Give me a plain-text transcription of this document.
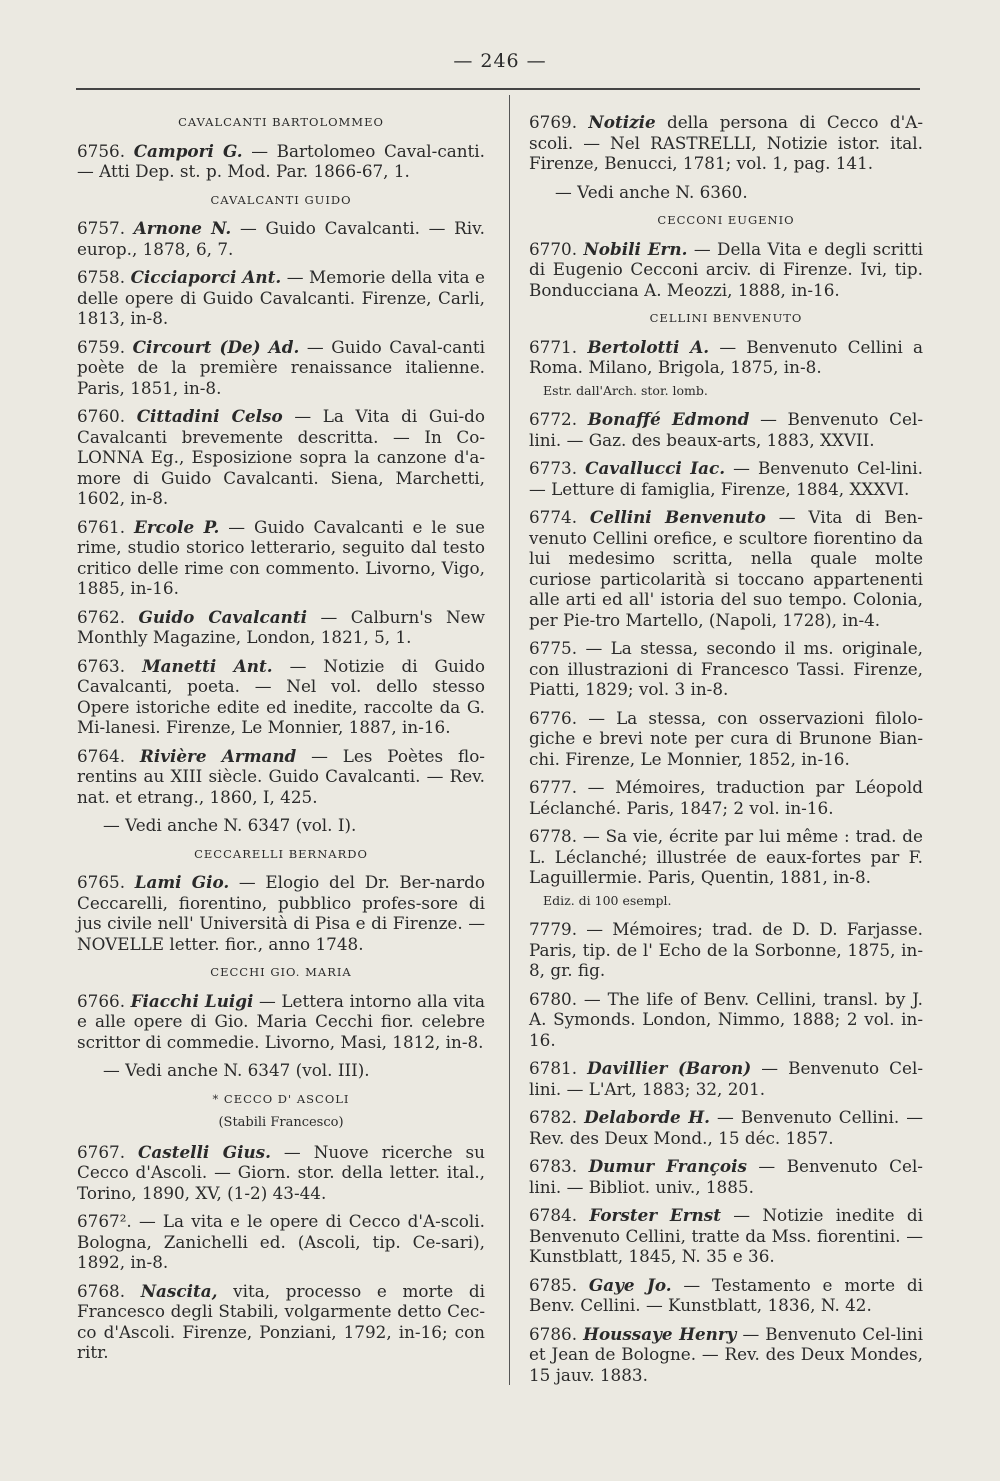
— 246 —
CAVALCANTI BARTOLOMMEO

6756. Campori G. — Bartolomeo Caval-canti. — Atti Dep. st. p. Mod. Par. 1866-67, 1.

CAVALCANTI GUIDO

6757. Arnone N. — Guido Cavalcanti. — Riv. europ., 1878, 6, 7.

6758. Cicciaporci Ant. — Memorie della vita e delle opere di Guido Cavalcanti. Firenze, Carli, 1813, in-8.

6759. Circourt (De) Ad. — Guido Caval-canti poète de la première renaissance italienne. Paris, 1851, in-8.

6760. Cittadini Celso — La Vita di Gui-do Cavalcanti brevemente descritta. — In Co-LONNA Eg., Esposizione sopra la canzone d'a-more di Guido Cavalcanti. Siena, Marchetti, 1602, in-8.

6761. Ercole P. — Guido Cavalcanti e le sue rime, studio storico letterario, seguito dal testo critico delle rime con commento. Livorno, Vigo, 1885, in-16.

6762. Guido Cavalcanti — Calburn's New Monthly Magazine, London, 1821, 5, 1.

6763. Manetti Ant. — Notizie di Guido Cavalcanti, poeta. — Nel vol. dello stesso Opere istoriche edite ed inedite, raccolte da G. Mi-lanesi. Firenze, Le Monnier, 1887, in-16.

6764. Rivière Armand — Les Poètes flo-rentins au XIII siècle. Guido Cavalcanti. — Rev. nat. et etrang., 1860, I, 425.

— Vedi anche N. 6347 (vol. I).
CECCARELLI BERNARDO

6765. Lami Gio. — Elogio del Dr. Ber-nardo Ceccarelli, fiorentino, pubblico profes-sore di jus civile nell' Università di Pisa e di Firenze. — NOVELLE letter. fior., anno 1748.

CECCHI GIO. MARIA

6766. Fiacchi Luigi — Lettera intorno alla vita e alle opere di Gio. Maria Cecchi fior. celebre scrittor di commedie. Livorno, Masi, 1812, in-8.

— Vedi anche N. 6347 (vol. III).
* CECCO D' ASCOLI
(Stabili Francesco)

6767. Castelli Gius. — Nuove ricerche su Cecco d'Ascoli. — Giorn. stor. della letter. ital., Torino, 1890, XV, (1-2) 43-44.

6767². — La vita e le opere di Cecco d'A-scoli. Bologna, Zanichelli ed. (Ascoli, tip. Ce-sari), 1892, in-8.

6768. Nascita, vita, processo e morte di Francesco degli Stabili, volgarmente detto Cec-co d'Ascoli. Firenze, Ponziani, 1792, in-16; con ritr.

6769. Notizie della persona di Cecco d'A-scoli. — Nel RASTRELLI, Notizie istor. ital. Firenze, Benucci, 1781; vol. 1, pag. 141.

— Vedi anche N. 6360.
CECCONI EUGENIO

6770. Nobili Ern. — Della Vita e degli scritti di Eugenio Cecconi arciv. di Firenze. Ivi, tip. Bonducciana A. Meozzi, 1888, in-16.

CELLINI BENVENUTO

6771. Bertolotti A. — Benvenuto Cellini a Roma. Milano, Brigola, 1875, in-8.

Estr. dall'Arch. stor. lomb.

6772. Bonaffé Edmond — Benvenuto Cel-lini. — Gaz. des beaux-arts, 1883, XXVII.

6773. Cavallucci Iac. — Benvenuto Cel-lini. — Letture di famiglia, Firenze, 1884, XXXVI.

6774. Cellini Benvenuto — Vita di Ben-venuto Cellini orefice, e scultore fiorentino da lui medesimo scritta, nella quale molte curiose particolarità si toccano appartenenti alle arti ed all' istoria del suo tempo. Colonia, per Pie-tro Martello, (Napoli, 1728), in-4.

6775. — La stessa, secondo il ms. originale, con illustrazioni di Francesco Tassi. Firenze, Piatti, 1829; vol. 3 in-8.

6776. — La stessa, con osservazioni filolo-giche e brevi note per cura di Brunone Bian-chi. Firenze, Le Monnier, 1852, in-16.

6777. — Mémoires, traduction par Léopold Léclanché. Paris, 1847; 2 vol. in-16.

6778. — Sa vie, écrite par lui même : trad. de L. Léclanché; illustrée de eaux-fortes par F. Laguillermie. Paris, Quentin, 1881, in-8.

Ediz. di 100 esempl.

7779. — Mémoires; trad. de D. D. Farjasse. Paris, tip. de l' Echo de la Sorbonne, 1875, in-8, gr. fig.

6780. — The life of Benv. Cellini, transl. by J. A. Symonds. London, Nimmo, 1888; 2 vol. in-16.

6781. Davillier (Baron) — Benvenuto Cel-lini. — L'Art, 1883; 32, 201.

6782. Delaborde H. — Benvenuto Cellini. — Rev. des Deux Mond., 15 déc. 1857.

6783. Dumur François — Benvenuto Cel-lini. — Bibliot. univ., 1885.

6784. Forster Ernst — Notizie inedite di Benvenuto Cellini, tratte da Mss. fiorentini. — Kunstblatt, 1845, N. 35 e 36.

6785. Gaye Jo. — Testamento e morte di Benv. Cellini. — Kunstblatt, 1836, N. 42.

6786. Houssaye Henry — Benvenuto Cel-lini et Jean de Bologne. — Rev. des Deux Mondes, 15 jauv. 1883.
